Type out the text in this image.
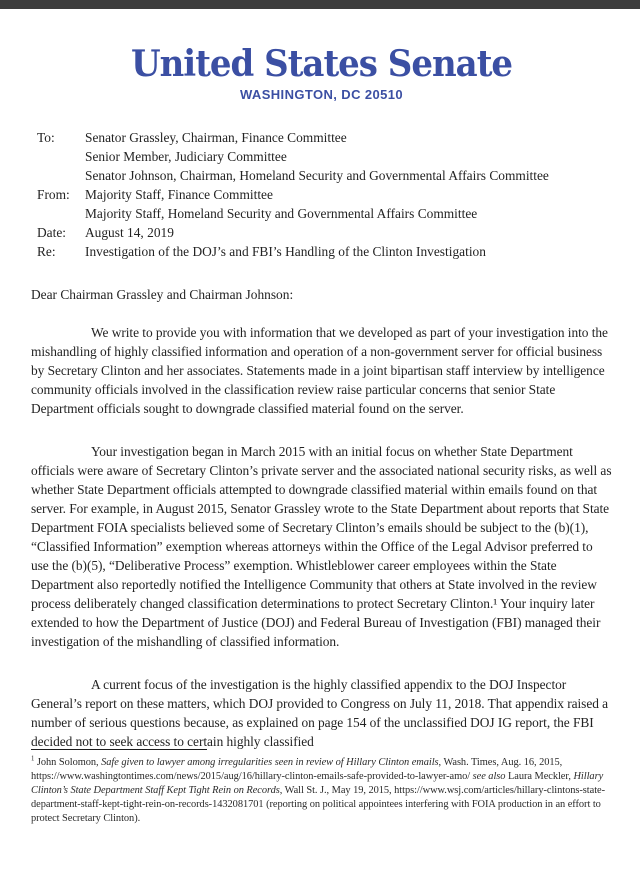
United States Senate
WASHINGTON, DC 20510
To:	Senator Grassley, Chairman, Finance Committee
Senior Member, Judiciary Committee
Senator Johnson, Chairman, Homeland Security and Governmental Affairs Committee
From:	Majority Staff, Finance Committee
Majority Staff, Homeland Security and Governmental Affairs Committee
Date:	August 14, 2019
Re:	Investigation of the DOJ’s and FBI’s Handling of the Clinton Investigation
Dear Chairman Grassley and Chairman Johnson:

We write to provide you with information that we developed as part of your investigation into the mishandling of highly classified information and operation of a non-government server for official business by Secretary Clinton and her associates. Statements made in a joint bipartisan staff interview by intelligence community officials involved in the classification review raise particular concerns that senior State Department officials sought to downgrade classified material found on the server.

Your investigation began in March 2015 with an initial focus on whether State Department officials were aware of Secretary Clinton’s private server and the associated national security risks, as well as whether State Department officials attempted to downgrade classified material within emails found on that server. For example, in August 2015, Senator Grassley wrote to the State Department about reports that State Department FOIA specialists believed some of Secretary Clinton’s emails should be subject to the (b)(1), “Classified Information” exemption whereas attorneys within the Office of the Legal Advisor preferred to use the (b)(5), “Deliberative Process” exemption. Whistleblower career employees within the State Department also reportedly notified the Intelligence Community that others at State involved in the review process deliberately changed classification determinations to protect Secretary Clinton.¹ Your inquiry later extended to how the Department of Justice (DOJ) and Federal Bureau of Investigation (FBI) managed their investigation of the mishandling of classified information.

A current focus of the investigation is the highly classified appendix to the DOJ Inspector General’s report on these matters, which DOJ provided to Congress on July 11, 2018. That appendix raised a number of serious questions because, as explained on page 154 of the unclassified DOJ IG report, the FBI decided not to seek access to certain highly classified

$^1$ John Solomon, Safe given to lawyer among irregularities seen in review of Hillary Clinton emails, Wash. Times, Aug. 16, 2015, https://www.washingtontimes.com/news/2015/aug/16/hillary-clinton-emails-safe-provided-to-lawyer-amo/ see also Laura Meckler, Hillary Clinton’s State Department Staff Kept Tight Rein on Records, Wall St. J., May 19, 2015, https://www.wsj.com/articles/hillary-clintons-state-department-staff-kept-tight-rein-on-records-1432081701 (reporting on political appointees interfering with FOIA production in an effort to protect Secretary Clinton).
